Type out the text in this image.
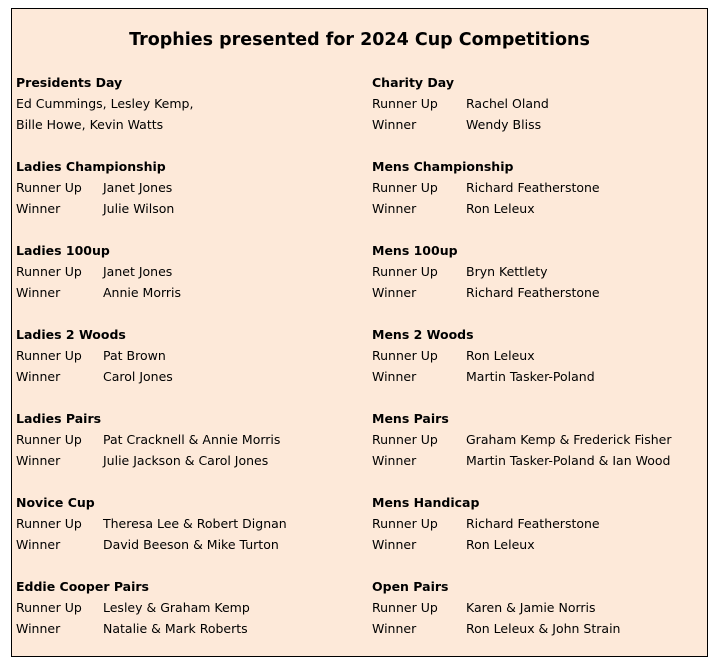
Trophies presented for 2024 Cup Competitions
Presidents Day
Ed Cummings, Lesley Kemp,
Bille Howe, Kevin Watts
Ladies Championship
Runner Up	Janet Jones
Winner	Julie Wilson
Ladies 100up
Runner Up	Janet Jones
Winner	Annie Morris
Ladies 2 Woods
Runner Up	Pat Brown
Winner	Carol Jones
Ladies Pairs
Runner Up	Pat Cracknell & Annie Morris
Winner	Julie Jackson & Carol Jones
Novice Cup
Runner Up	Theresa Lee & Robert Dignan
Winner	David Beeson & Mike Turton
Eddie Cooper Pairs
Runner Up	Lesley & Graham Kemp
Winner	Natalie & Mark Roberts
Charity Day
Runner Up	Rachel Oland
Winner	Wendy Bliss
Mens Championship
Runner Up	Richard Featherstone
Winner	Ron Leleux
Mens 100up
Runner Up	Bryn Kettlety
Winner	Richard Featherstone
Mens 2 Woods
Runner Up	Ron Leleux
Winner	Martin Tasker-Poland
Mens Pairs
Runner Up	Graham Kemp & Frederick Fisher
Winner	Martin Tasker-Poland & Ian Wood
Mens Handicap
Runner Up	Richard Featherstone
Winner	Ron Leleux
Open Pairs
Runner Up	Karen & Jamie Norris
Winner	Ron Leleux & John Strain
